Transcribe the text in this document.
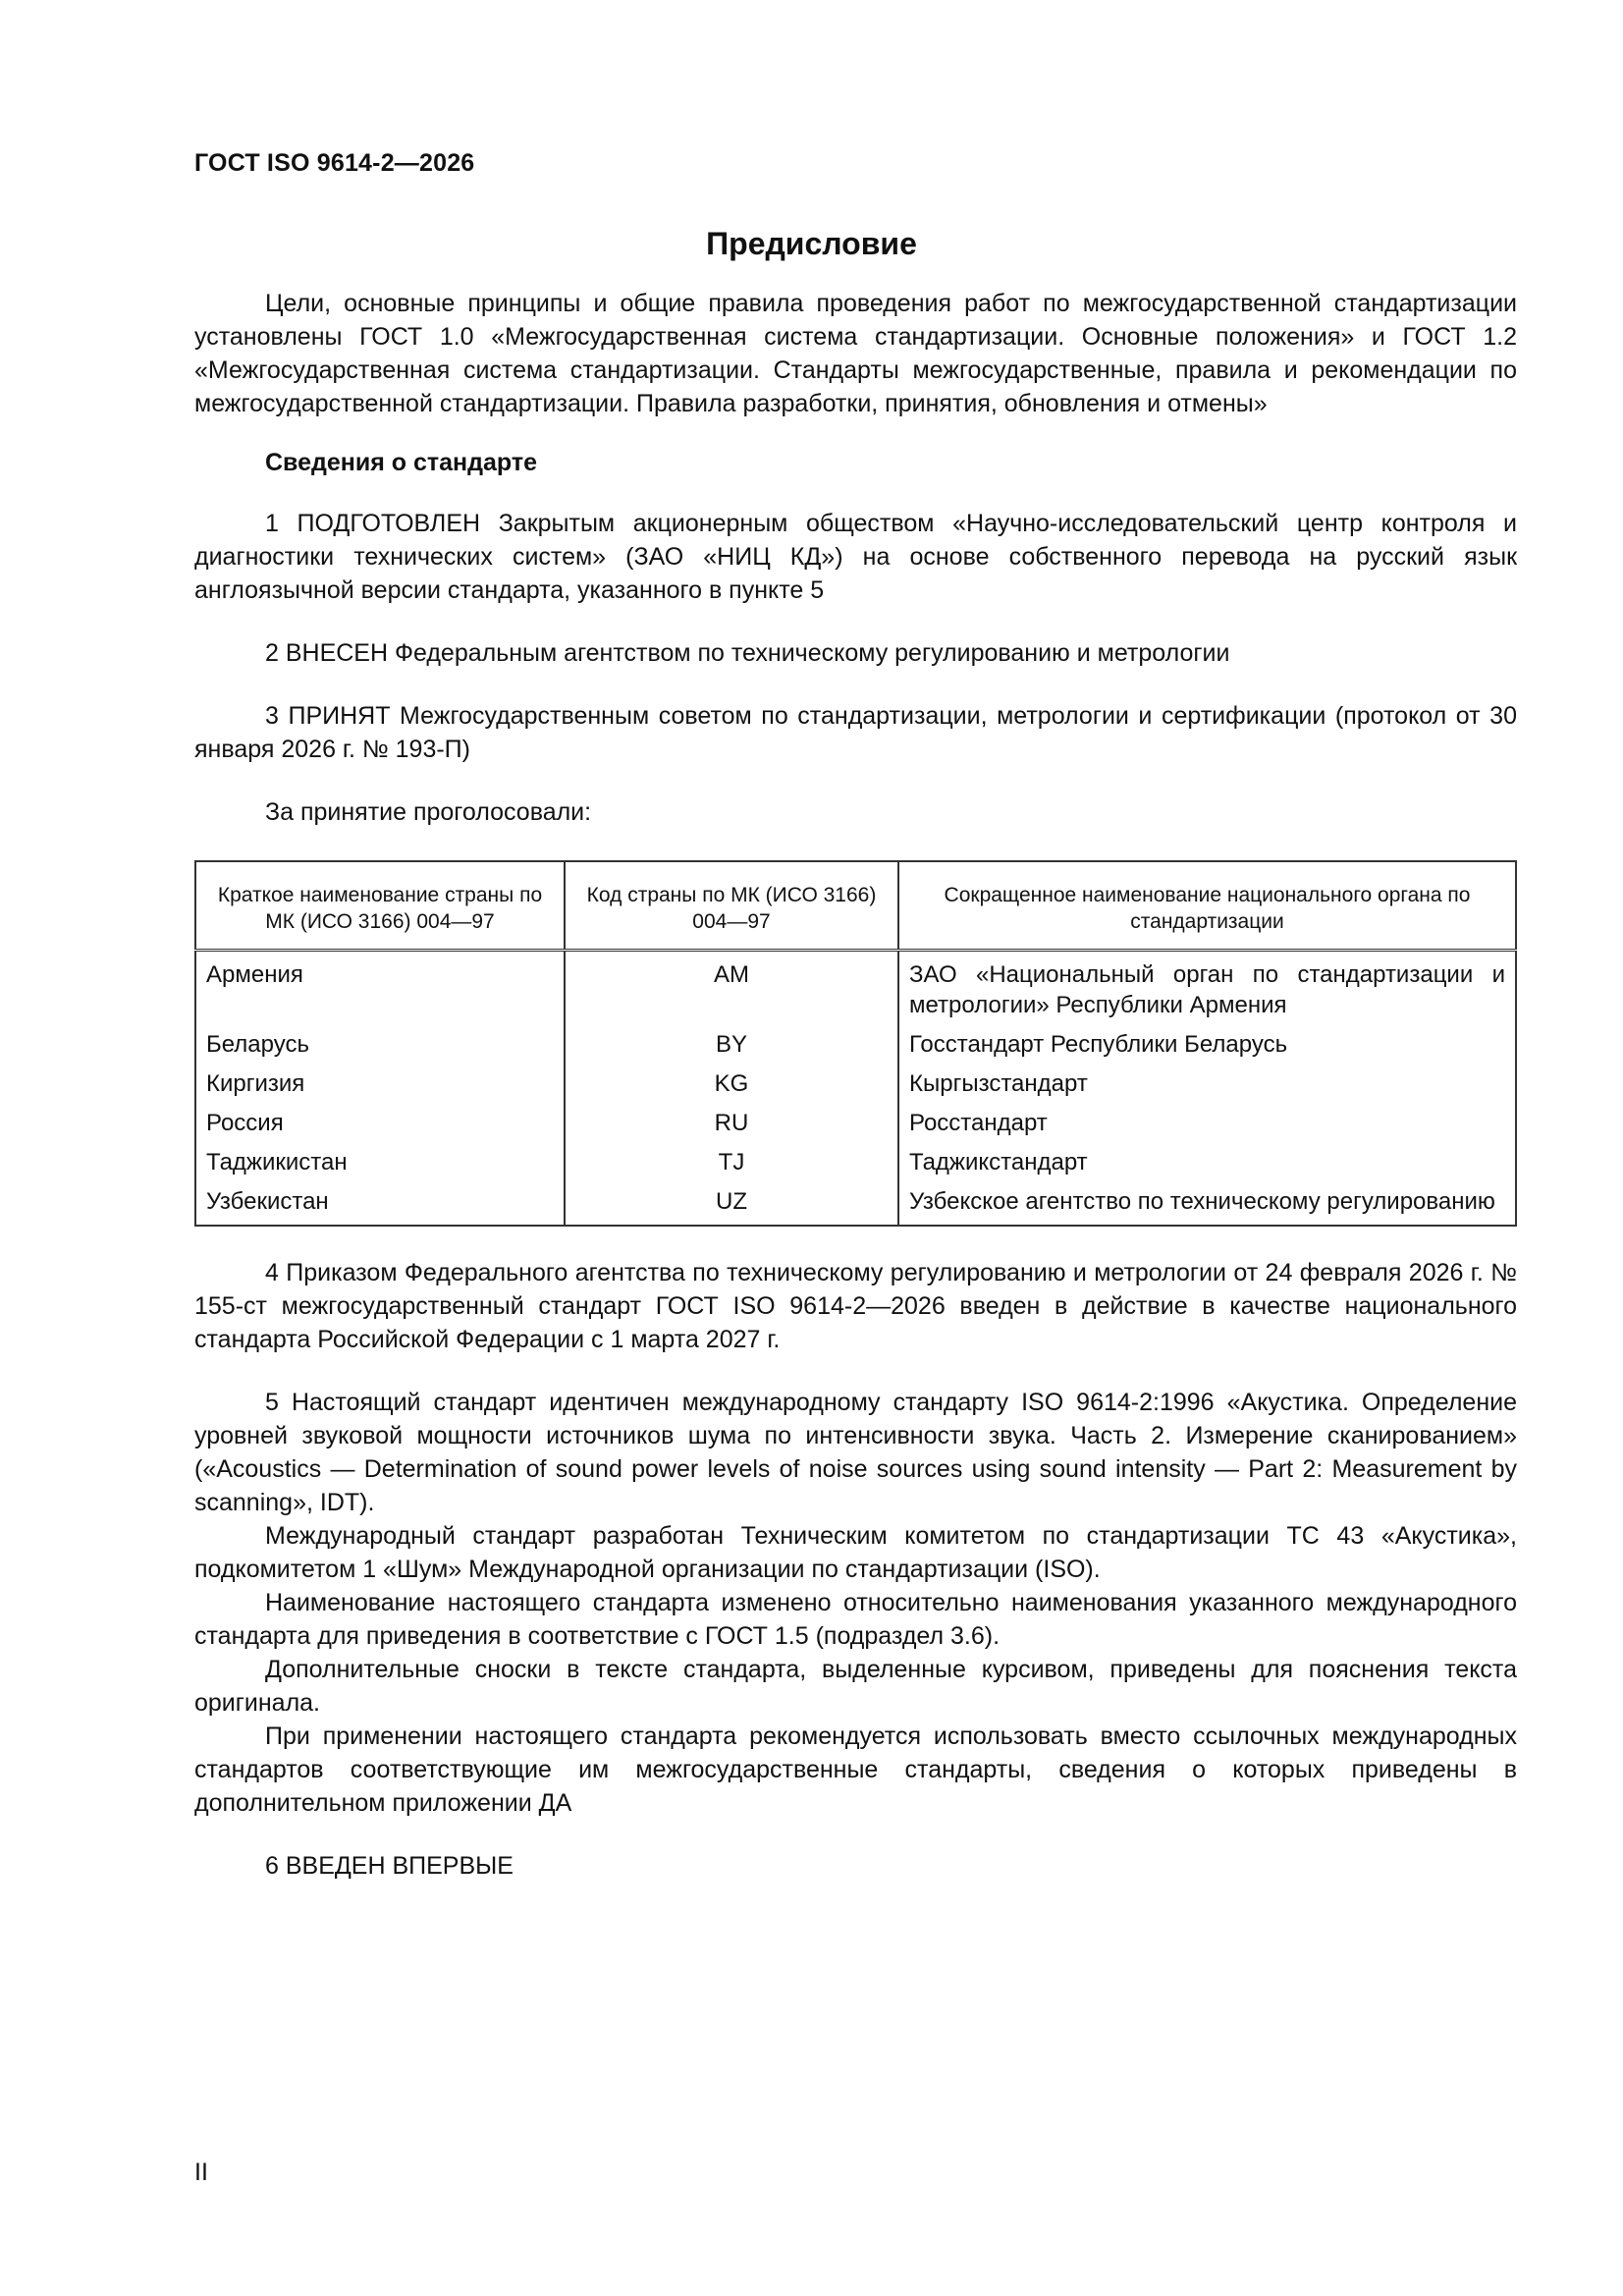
ГОСТ ISO 9614-2—2026
Предисловие

Цели, основные принципы и общие правила проведения работ по межгосударственной стандартизации установлены ГОСТ 1.0 «Межгосударственная система стандартизации. Основные положения» и ГОСТ 1.2 «Межгосударственная система стандартизации. Стандарты межгосударственные, правила и рекомендации по межгосударственной стандартизации. Правила разработки, принятия, обновления и отмены»

Сведения о стандарте

1 ПОДГОТОВЛЕН Закрытым акционерным обществом «Научно-исследовательский центр контроля и диагностики технических систем» (ЗАО «НИЦ КД») на основе собственного перевода на русский язык англоязычной версии стандарта, указанного в пункте 5

2 ВНЕСЕН Федеральным агентством по техническому регулированию и метрологии

3 ПРИНЯТ Межгосударственным советом по стандартизации, метрологии и сертификации (протокол от 30 января 2026 г. № 193-П)

За принятие проголосовали:

Краткое наименование страны по МК (ИСО 3166) 004—97	Код страны по МК (ИСО 3166) 004—97	Сокращенное наименование национального органа по стандартизации
Армения	AM	ЗАО «Национальный орган по стандартизации и метрологии» Республики Армения
Беларусь	BY	Госстандарт Республики Беларусь
Киргизия	KG	Кыргызстандарт
Россия	RU	Росстандарт
Таджикистан	TJ	Таджикстандарт
Узбекистан	UZ	Узбекское агентство по техническому регулированию

4 Приказом Федерального агентства по техническому регулированию и метрологии от 24 февраля 2026 г. № 155-ст межгосударственный стандарт ГОСТ ISO 9614-2—2026 введен в действие в качестве национального стандарта Российской Федерации с 1 марта 2027 г.

5 Настоящий стандарт идентичен международному стандарту ISO 9614-2:1996 «Акустика. Определение уровней звуковой мощности источников шума по интенсивности звука. Часть 2. Измерение сканированием» («Acoustics — Determination of sound power levels of noise sources using sound intensity — Part 2: Measurement by scanning», IDT).

Международный стандарт разработан Техническим комитетом по стандартизации ТС 43 «Акустика», подкомитетом 1 «Шум» Международной организации по стандартизации (ISO).

Наименование настоящего стандарта изменено относительно наименования указанного международного стандарта для приведения в соответствие с ГОСТ 1.5 (подраздел 3.6).

Дополнительные сноски в тексте стандарта, выделенные курсивом, приведены для пояснения текста оригинала.

При применении настоящего стандарта рекомендуется использовать вместо ссылочных международных стандартов соответствующие им межгосударственные стандарты, сведения о которых приведены в дополнительном приложении ДА

6 ВВЕДЕН ВПЕРВЫЕ

II
